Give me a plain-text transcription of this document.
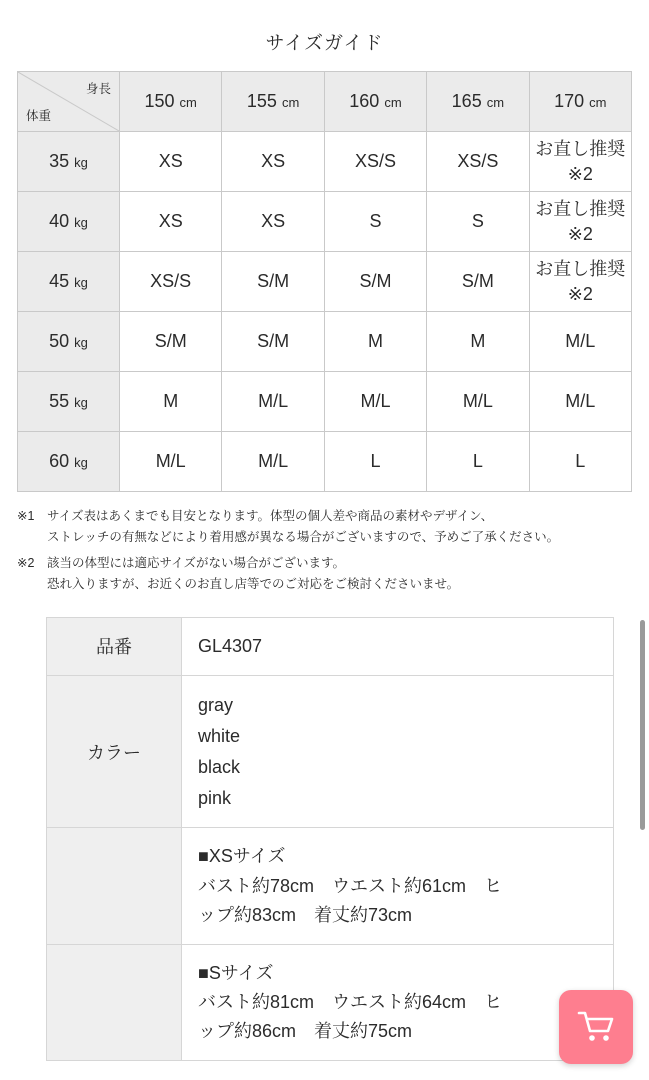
サイズガイド
身長
体重	150 cm	155 cm	160 cm	165 cm	170 cm
35 kg	XS	XS	XS/S	XS/S	お直し推奨
※2
40 kg	XS	XS	S	S	お直し推奨
※2
45 kg	XS/S	S/M	S/M	S/M	お直し推奨
※2
50 kg	S/M	S/M	M	M	M/L
55 kg	M	M/L	M/L	M/L	M/L
60 kg	M/L	M/L	L	L	L
※1	サイズ表はあくまでも目安となります。体型の個人差や商品の素材やデザイン、
ストレッチの有無などにより着用感が異なる場合がございますので、予めご了承ください。
※2	該当の体型には適応サイズがない場合がございます。
恐れ入りますが、お近くのお直し店等でのご対応をご検討くださいませ。
品番	GL4307
カラー	gray
white
black
pink

	■XSサイズ
バスト約78cm　ウエスト約61cm　ヒ
ップ約83cm　着丈約73cm

	■Sサイズ
バスト約81cm　ウエスト約64cm　ヒ
ップ約86cm　着丈約75cm
